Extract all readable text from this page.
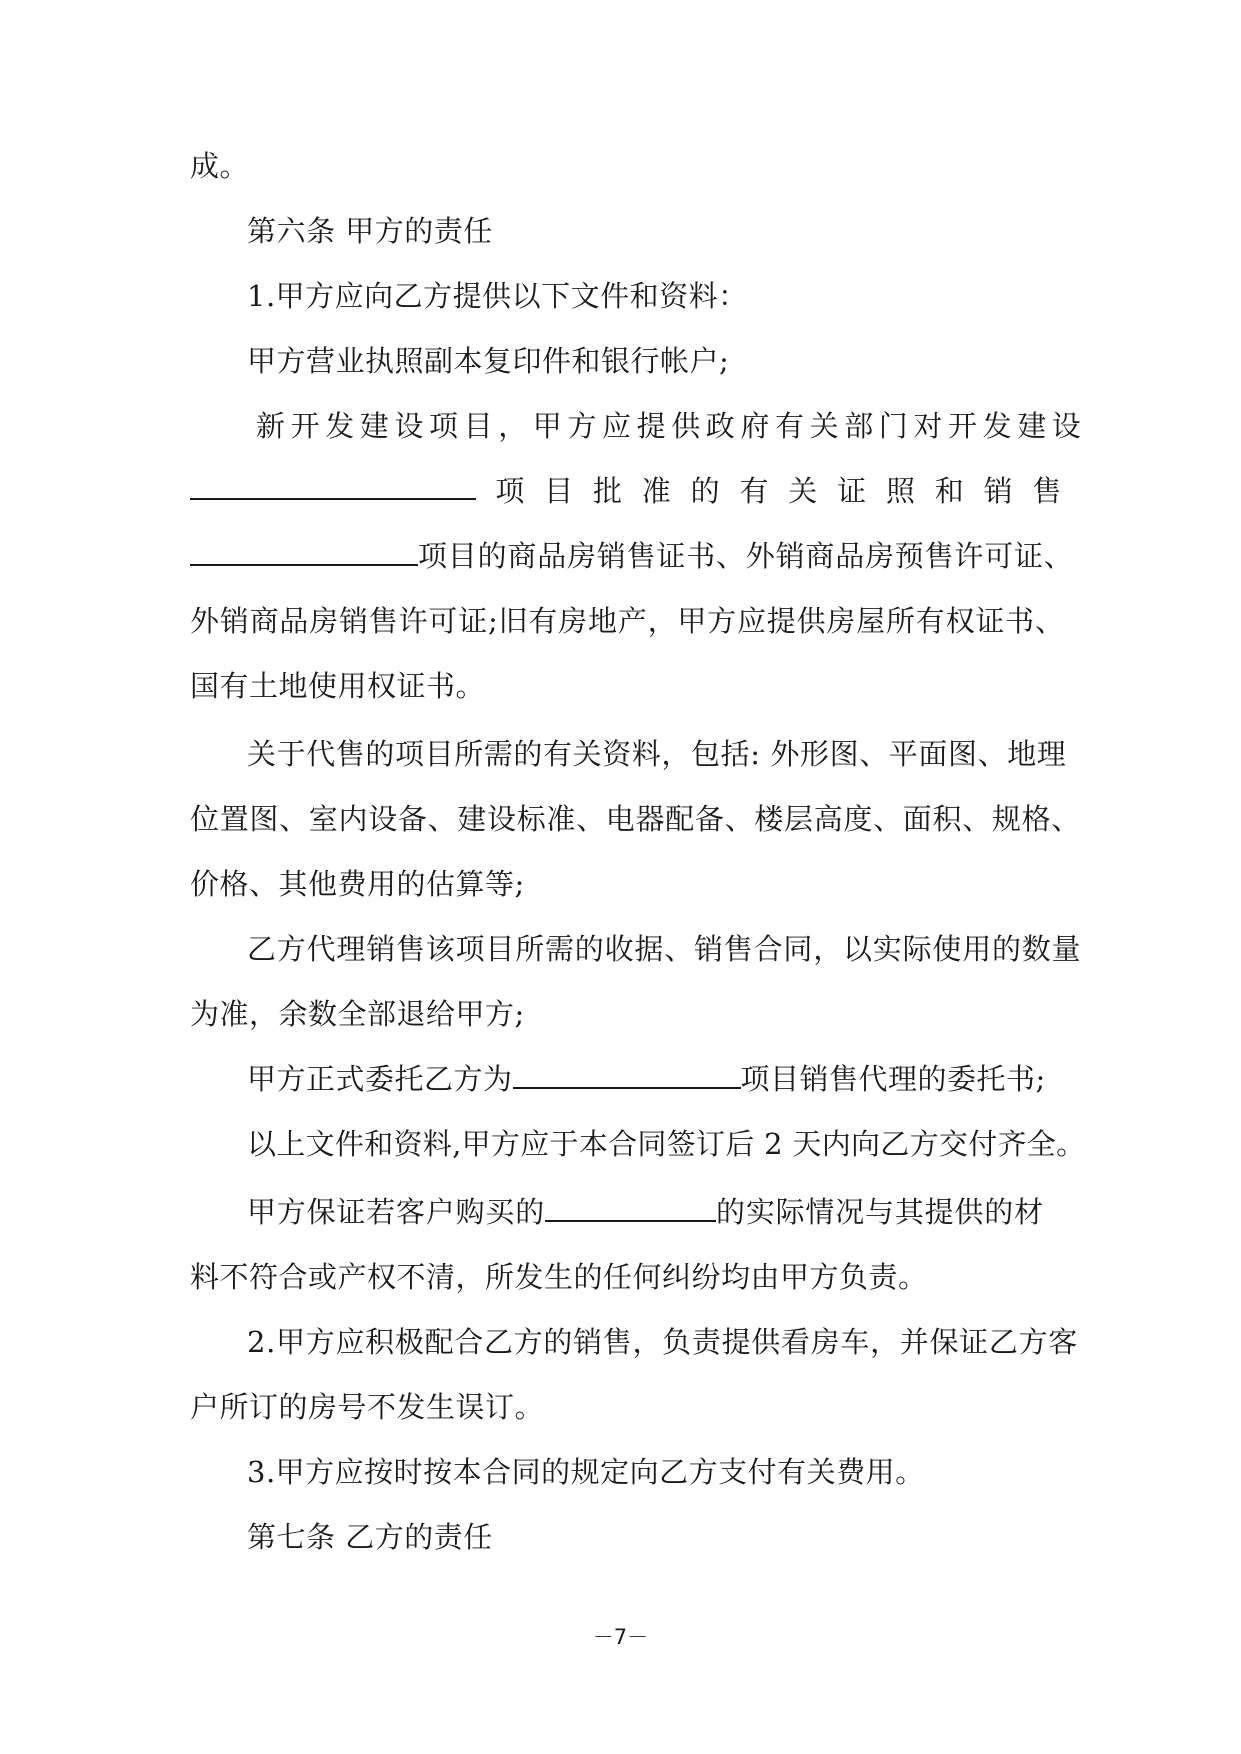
成。
第六条 甲方的责任
1.甲方应向乙方提供以下文件和资料：
甲方营业执照副本复印件和银行帐户;
新开发建设项目，甲方应提供政府有关部门对开发建设
项 目 批 准 的 有 关 证 照 和 销 售
项目的商品房销售证书、外销商品房预售许可证、
外销商品房销售许可证;旧有房地产，甲方应提供房屋所有权证书、
国有土地使用权证书。
关于代售的项目所需的有关资料，包括: 外形图、平面图、地理
位置图、室内设备、建设标准、电器配备、楼层高度、面积、规格、
价格、其他费用的估算等;
乙方代理销售该项目所需的收据、销售合同，以实际使用的数量
为准，余数全部退给甲方;
甲方正式委托乙方为	项目销售代理的委托书;
以上文件和资料,甲方应于本合同签订后 2 天内向乙方交付齐全。
甲方保证若客户购买的	的实际情况与其提供的材
料不符合或产权不清，所发生的任何纠纷均由甲方负责。
2.甲方应积极配合乙方的销售，负责提供看房车，并保证乙方客
户所订的房号不发生误订。
3.甲方应按时按本合同的规定向乙方支付有关费用。
第七条 乙方的责任
－7－
